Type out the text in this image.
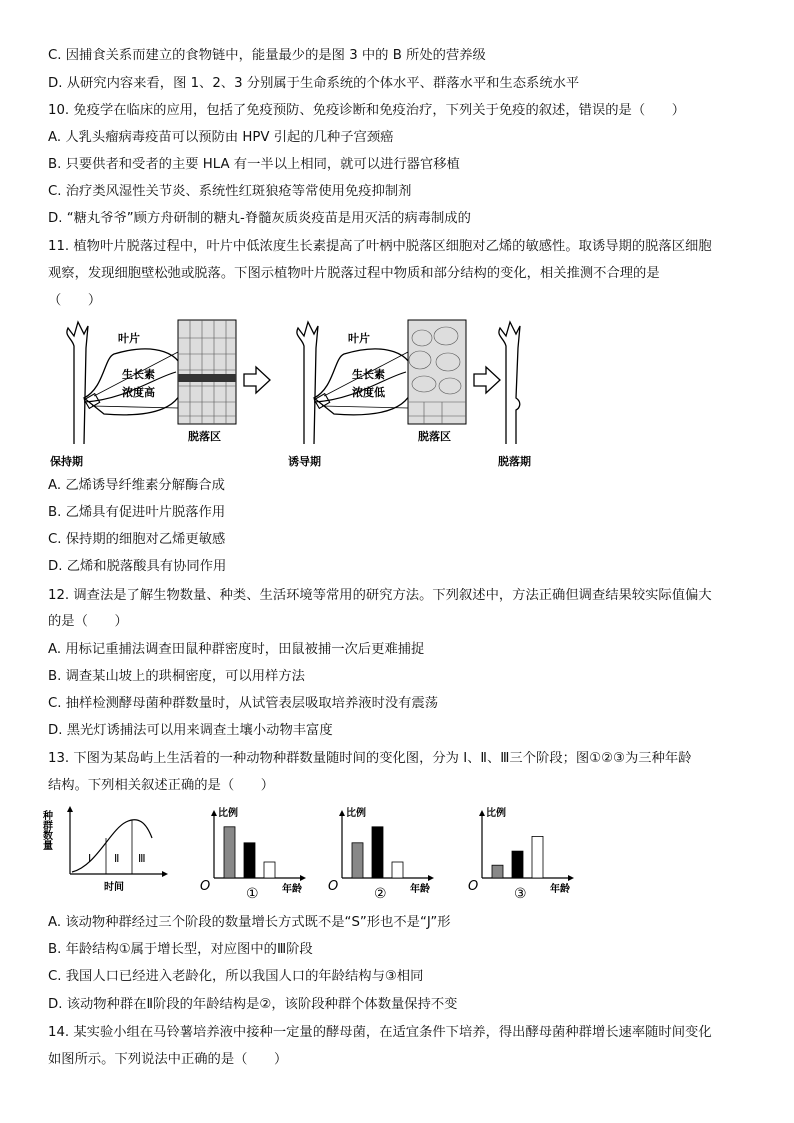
C. 因捕食关系而建立的食物链中，能量最少的是图 3 中的 B 所处的营养级
D. 从研究内容来看，图 1、2、3 分别属于生命系统的个体水平、群落水平和生态系统水平
10. 免疫学在临床的应用，包括了免疫预防、免疫诊断和免疫治疗，下列关于免疫的叙述，错误的是（　　）
A. 人乳头瘤病毒疫苗可以预防由 HPV 引起的几种子宫颈癌
B. 只要供者和受者的主要 HLA 有一半以上相同，就可以进行器官移植
C. 治疗类风湿性关节炎、系统性红斑狼疮等常使用免疫抑制剂
D. “糖丸爷爷”顾方舟研制的糖丸-脊髓灰质炎疫苗是用灭活的病毒制成的
11. 植物叶片脱落过程中，叶片中低浓度生长素提高了叶柄中脱落区细胞对乙烯的敏感性。取诱导期的脱落区细胞
观察，发现细胞壁松弛或脱落。下图示植物叶片脱落过程中物质和部分结构的变化，相关推测不合理的是
（　　）
叶片
生长素
浓度高
脱落区
叶片
生长素
浓度低
脱落区
保持期	诱导期	脱落期
A. 乙烯诱导纤维素分解酶合成
B. 乙烯具有促进叶片脱落作用
C. 保持期的细胞对乙烯更敏感
D. 乙烯和脱落酸具有协同作用
12. 调查法是了解生物数量、种类、生活环境等常用的研究方法。下列叙述中，方法正确但调查结果较实际值偏大
的是（　　）
A. 用标记重捕法调查田鼠种群密度时，田鼠被捕一次后更难捕捉
B. 调查某山坡上的珙桐密度，可以用样方法
C. 抽样检测酵母菌种群数量时，从试管表层吸取培养液时没有震荡
D. 黑光灯诱捕法可以用来调查土壤小动物丰富度
13. 下图为某岛屿上生活着的一种动物种群数量随时间的变化图，分为 Ⅰ、Ⅱ、Ⅲ三个阶段；图①②③为三种年龄
结构。下列相关叙述正确的是（　　）
Ⅰ Ⅱ Ⅲ
种群数量
时间
比例
年龄
O	①
比例
年龄
O	②
比例
年龄
O	③
A. 该动物种群经过三个阶段的数量增长方式既不是“S”形也不是“J”形
B. 年龄结构①属于增长型，对应图中的Ⅲ阶段
C. 我国人口已经进入老龄化，所以我国人口的年龄结构与③相同
D. 该动物种群在Ⅱ阶段的年龄结构是②，该阶段种群个体数量保持不变
14. 某实验小组在马铃薯培养液中接种一定量的酵母菌，在适宜条件下培养，得出酵母菌种群增长速率随时间变化
如图所示。下列说法中正确的是（　　）
